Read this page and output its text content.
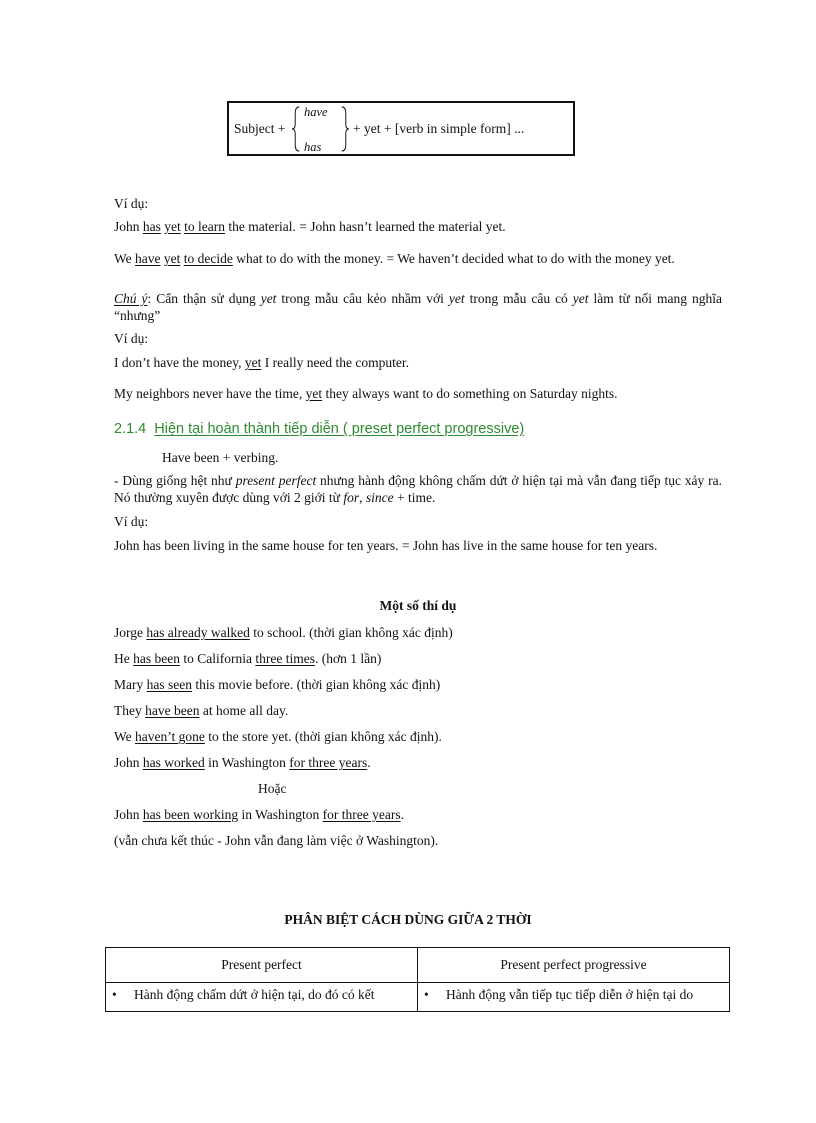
Subject +
have
has
+ yet + [verb in simple form] ...
Ví dụ:
John has yet to learn the material. = John hasn’t learned the material yet.
We have yet to decide what to do with the money. = We haven’t decided what to do with the money yet.
Chú ý: Cẩn thận sử dụng yet trong mẫu câu kẻo nhầm với yet trong mẫu câu có yet làm từ nối mang nghĩa “nhưng”
Ví dụ:
I don’t have the money, yet I really need the computer.
My neighbors never have the time, yet they always want to do something on Saturday nights.
2.1.4 Hiện tại hoàn thành tiếp diễn ( preset perfect progressive)
Have been + verbing.
- Dùng giống hệt như present perfect nhưng hành động không chấm dứt ở hiện tại mà vẫn đang tiếp tục xảy ra. Nó thường xuyên được dùng với 2 giới từ for, since + time.
Ví dụ:
John has been living in the same house for ten years. = John has live in the same house for ten years.
Một số thí dụ
Jorge has already walked to school. (thời gian không xác định)
He has been to California three times. (hơn 1 lần)
Mary has seen this movie before. (thời gian không xác định)
They have been at home all day.
We haven’t gone to the store yet. (thời gian không xác định).
John has worked in Washington for three years.
Hoặc
John has been working in Washington for three years.
(vẫn chưa kết thúc - John vẫn đang làm việc ở Washington).
PHÂN BIỆT CÁCH DÙNG GIỮA 2 THỜI
Present perfect	Present perfect progressive
• Hành động chấm dứt ở hiện tại, do đó có kết	• Hành động vẫn tiếp tục tiếp diễn ở hiện tại do
